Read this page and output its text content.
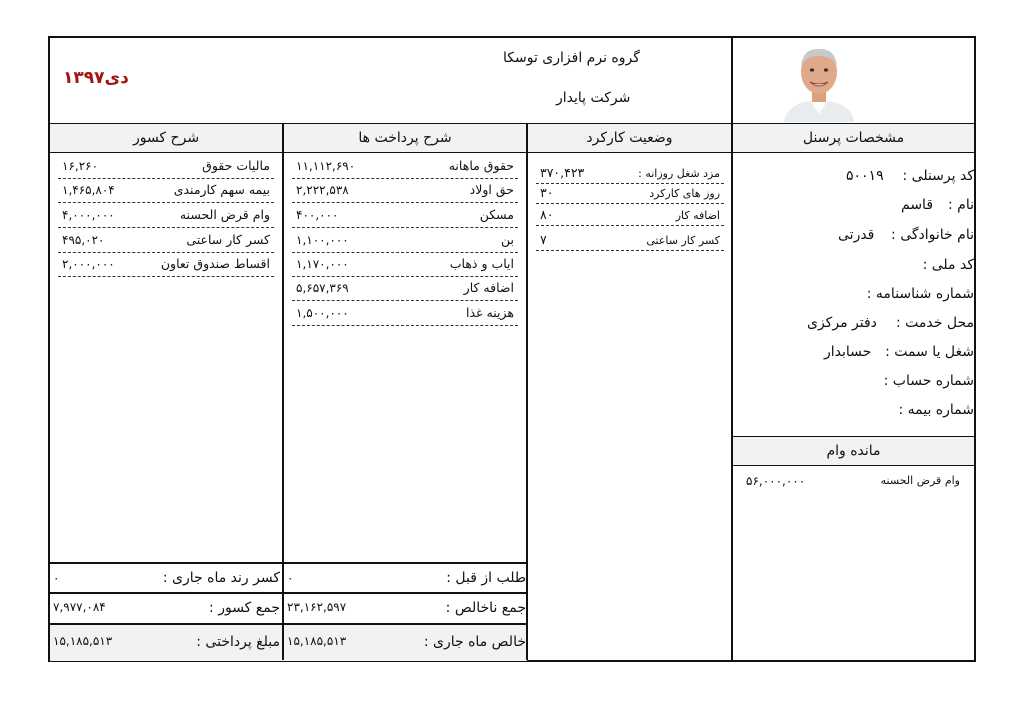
گروه نرم افزاری توسکا
شرکت پایدار
دی۱۳۹۷
مشخصات پرسنل
وضعیت کارکرد
شرح پرداخت ها
شرح کسور
کد پرسنلی :
۵۰۰۱۹
نام :
قاسم
نام خانوادگی :
قدرتی
کد ملی :
شماره شناسنامه :
محل خدمت :
دفتر مرکزی
شغل یا سمت :
حسابدار
شماره حساب :
شماره بیمه :
مانده وام
وام قرض الحسنه
۵۶,۰۰۰,۰۰۰
مزد شغل روزانه :
۳۷۰,۴۲۳
روز های کارکرد
۳۰
اضافه کار
۸۰
کسر کار ساعتی
۷
حقوق ماهانه
۱۱,۱۱۲,۶۹۰
حق اولاد
۲,۲۲۲,۵۳۸
مسکن
۴۰۰,۰۰۰
بن
۱,۱۰۰,۰۰۰
ایاب و ذهاب
۱,۱۷۰,۰۰۰
اضافه کار
۵,۶۵۷,۳۶۹
هزینه غذا
۱,۵۰۰,۰۰۰
مالیات حقوق
۱۶,۲۶۰
بیمه سهم کارمندی
۱,۴۶۵,۸۰۴
وام قرض الحسنه
۴,۰۰۰,۰۰۰
کسر کار ساعتی
۴۹۵,۰۲۰
اقساط صندوق تعاون
۲,۰۰۰,۰۰۰
طلب از قبل :
۰
جمع ناخالص :
۲۳,۱۶۲,۵۹۷
خالص ماه جاری :
۱۵,۱۸۵,۵۱۳
کسر رند ماه جاری :
۰
جمع کسور :
۷,۹۷۷,۰۸۴
مبلغ پرداختی :
۱۵,۱۸۵,۵۱۳
